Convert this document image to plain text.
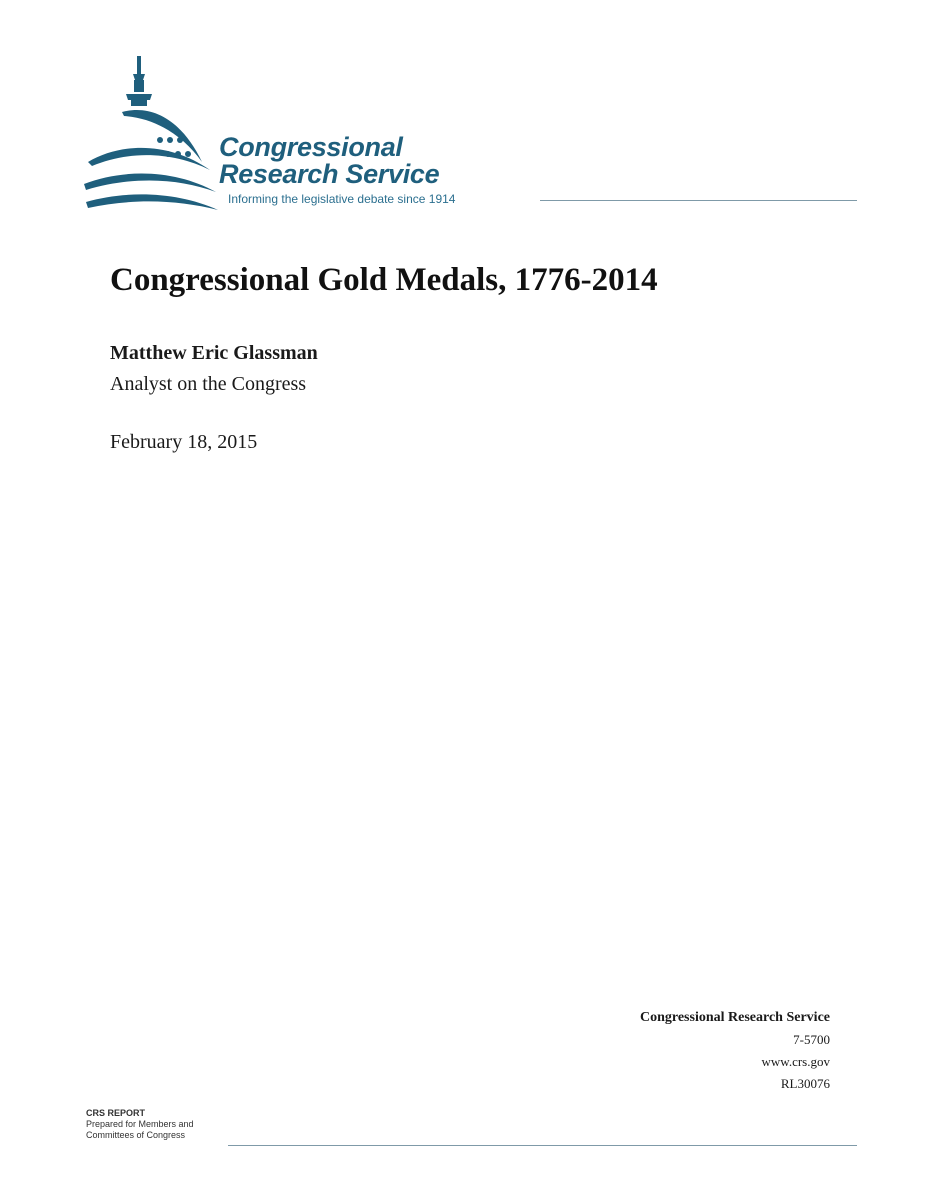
Congressional
Research Service
Informing the legislative debate since 1914
Congressional Gold Medals, 1776-2014
Matthew Eric Glassman
Analyst on the Congress
February 18, 2015
Congressional Research Service
7-5700
www.crs.gov
RL30076
CRS REPORT
Prepared for Members and
Committees of Congress
